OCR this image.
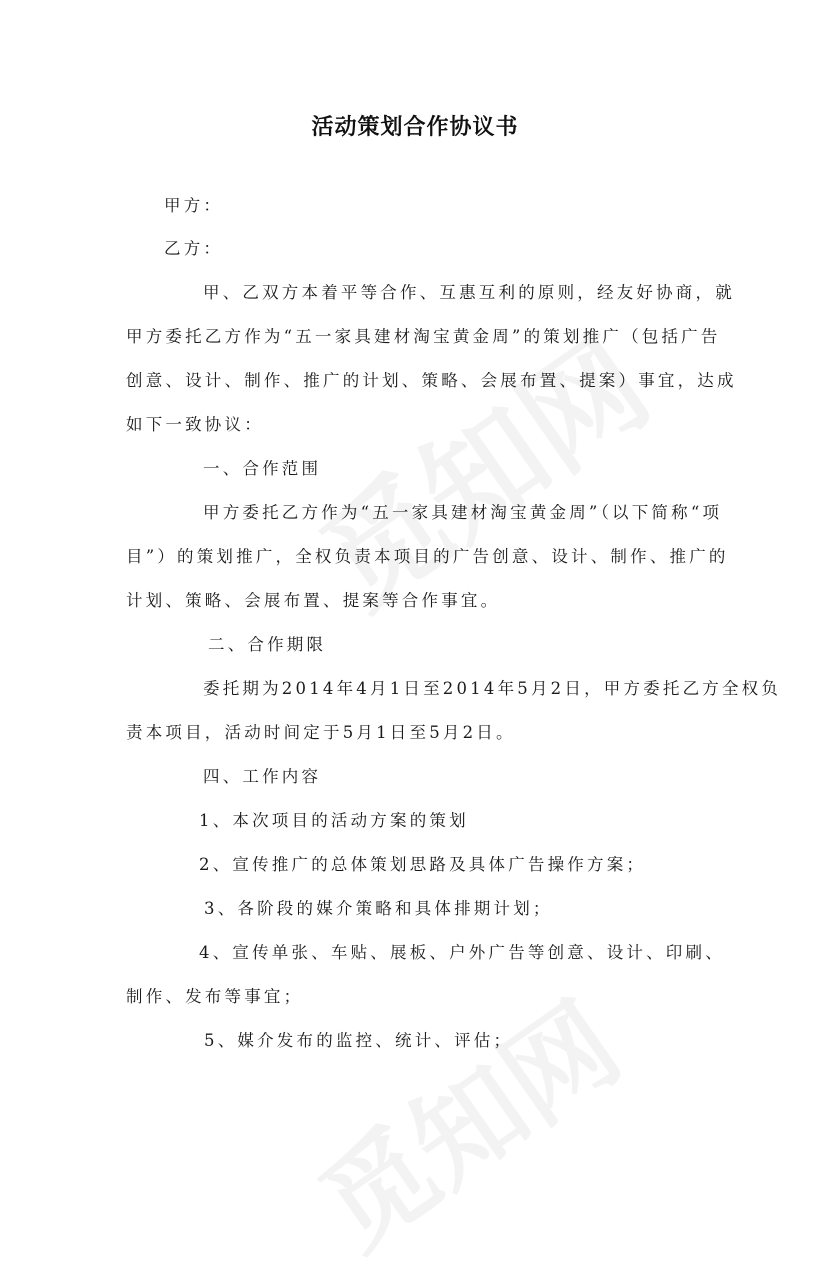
活动策划合作协议书
甲方：
乙方：
甲、乙双方本着平等合作、互惠互利的原则，经友好协商，就
甲方委托乙方作为“五一家具建材淘宝黄金周”的策划推广（包括广告
创意、设计、制作、推广的计划、策略、会展布置、提案）事宜，达成
如下一致协议：
一、合作范围
甲方委托乙方作为“五一家具建材淘宝黄金周”（以下简称“项
目”）的策划推广，全权负责本项目的广告创意、设计、制作、推广的
计划、策略、会展布置、提案等合作事宜。
二、合作期限
委托期为2014年4月1日至2014年5月2日，甲方委托乙方全权负
责本项目，活动时间定于5月1日至5月2日。
四、工作内容
1、本次项目的活动方案的策划
2、宣传推广的总体策划思路及具体广告操作方案；
3、各阶段的媒介策略和具体排期计划；
4、宣传单张、车贴、展板、户外广告等创意、设计、印刷、
制作、发布等事宜；
5、媒介发布的监控、统计、评估；
